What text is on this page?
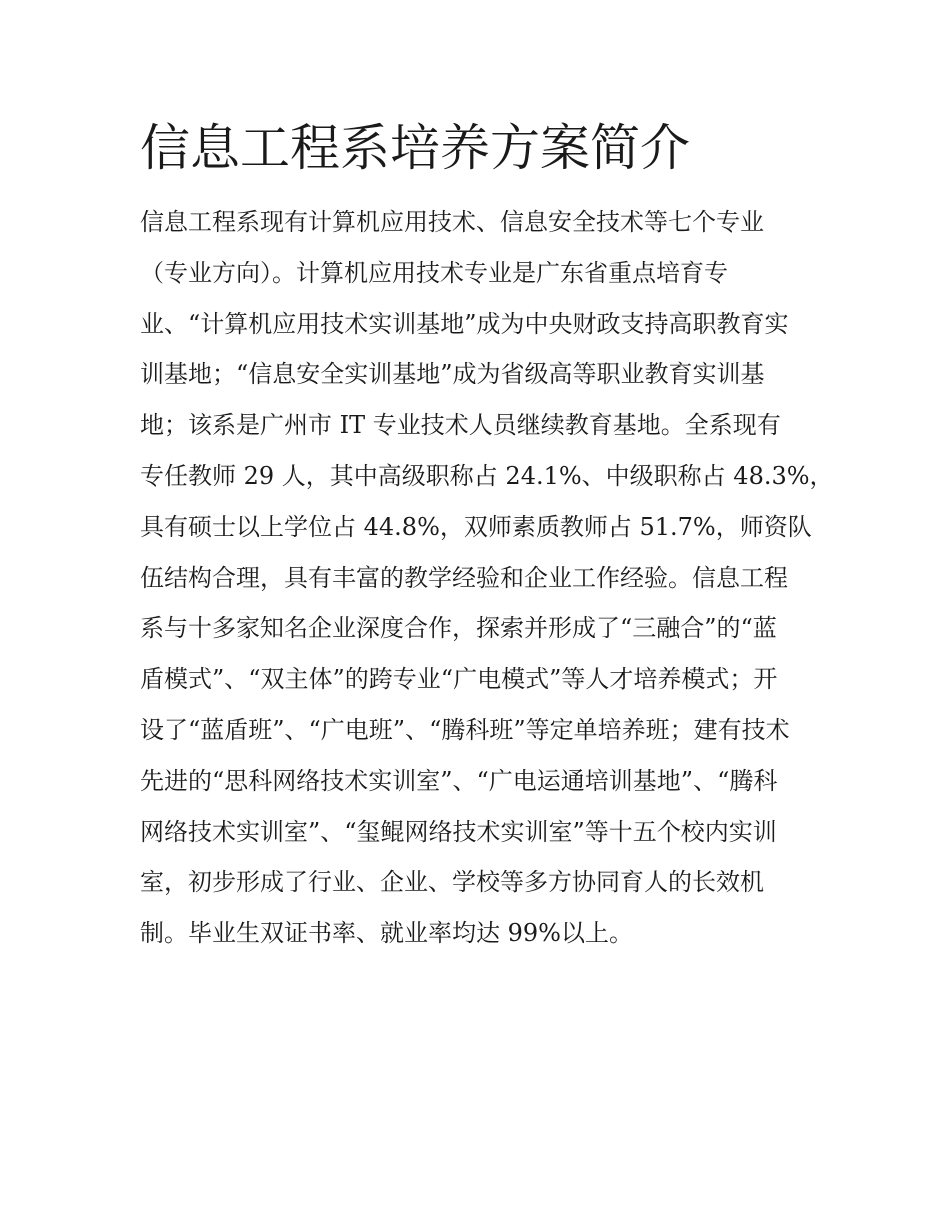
信息工程系培养方案简介
信息工程系现有计算机应用技术、信息安全技术等七个专业
（专业方向）。计算机应用技术专业是广东省重点培育专
业、“计算机应用技术实训基地”成为中央财政支持高职教育实
训基地；“信息安全实训基地”成为省级高等职业教育实训基
地；该系是广州市 IT 专业技术人员继续教育基地。全系现有
专任教师 29 人，其中高级职称占 24.1%、中级职称占 48.3%，
具有硕士以上学位占 44.8%，双师素质教师占 51.7%，师资队
伍结构合理，具有丰富的教学经验和企业工作经验。信息工程
系与十多家知名企业深度合作，探索并形成了“三融合”的“蓝
盾模式”、“双主体”的跨专业“广电模式”等人才培养模式；开
设了“蓝盾班”、“广电班”、“腾科班”等定单培养班；建有技术
先进的“思科网络技术实训室”、“广电运通培训基地”、“腾科
网络技术实训室”、“玺鲲网络技术实训室”等十五个校内实训
室，初步形成了行业、企业、学校等多方协同育人的长效机
制。毕业生双证书率、就业率均达 99%以上。
